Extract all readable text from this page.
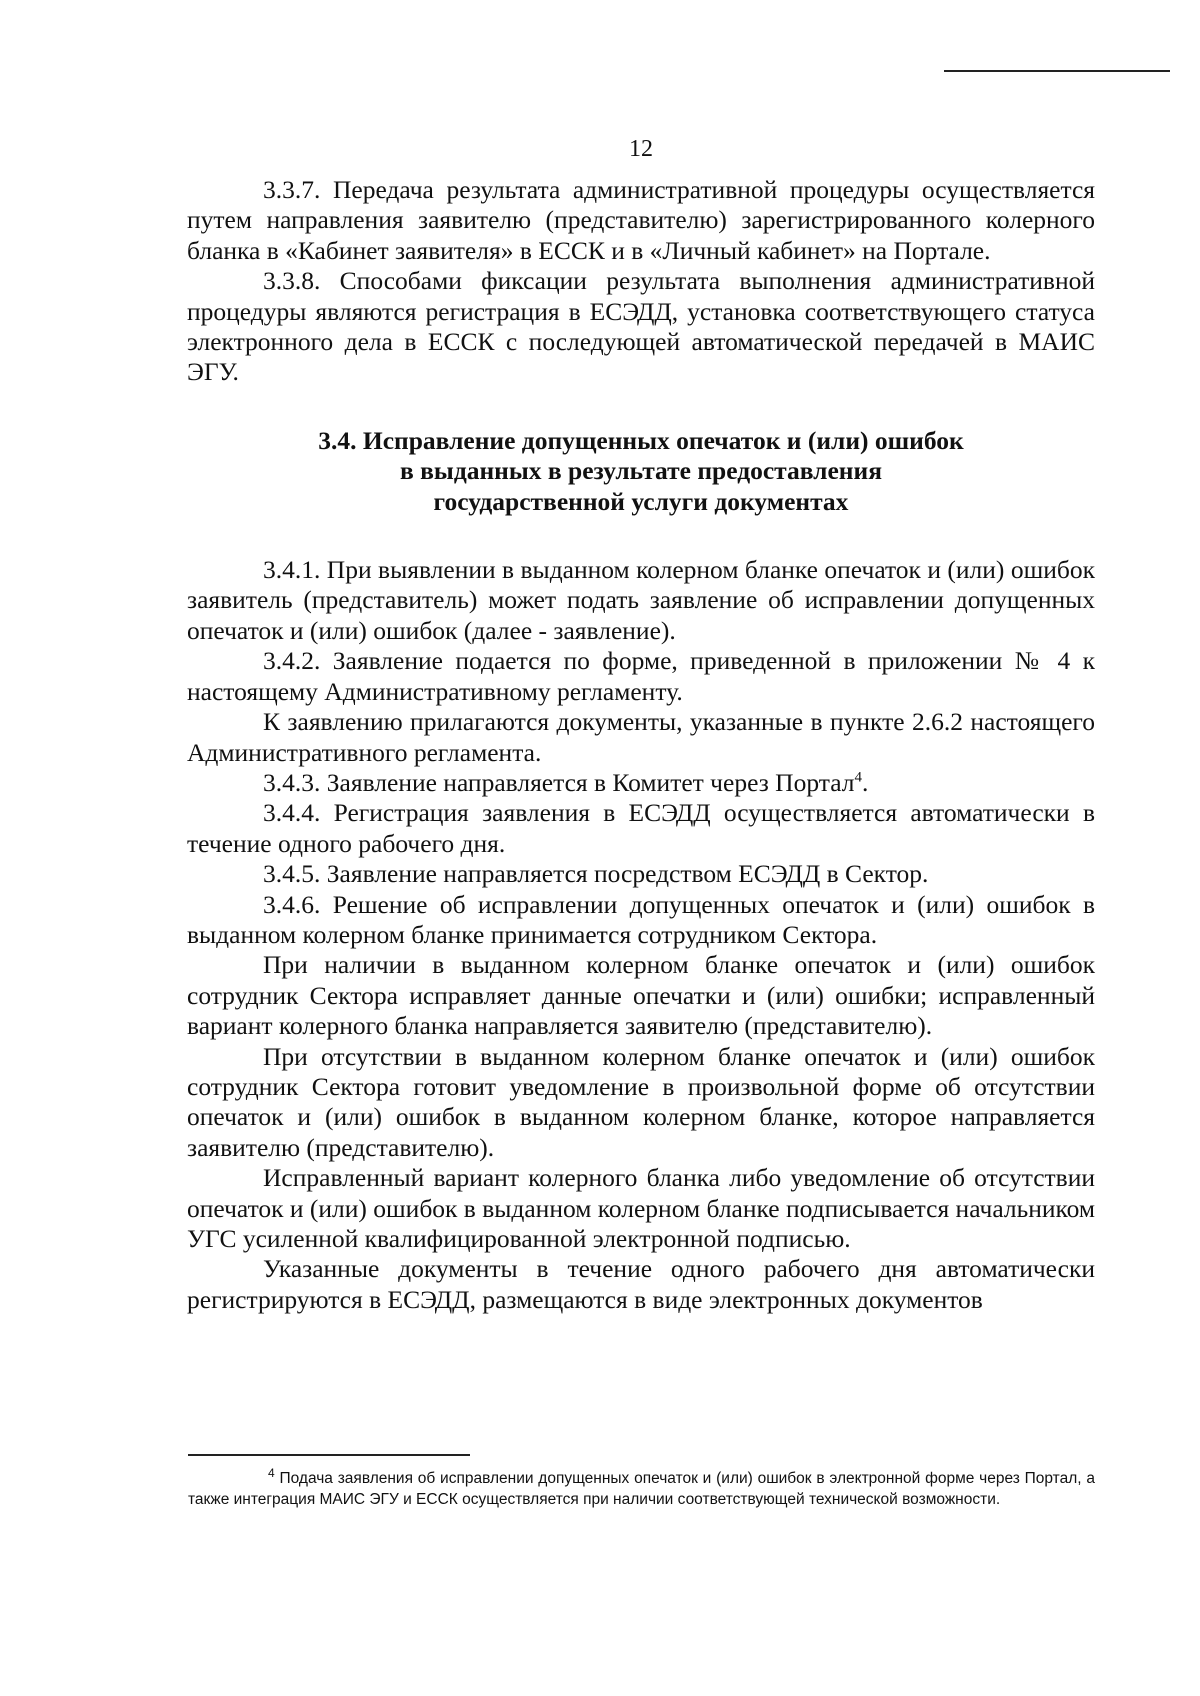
12

3.3.7. Передача результата административной процедуры осуществляется путем направления заявителю (представителю) зарегистрированного колерного бланка в «Кабинет заявителя» в ЕССК и в «Личный кабинет» на Портале.

3.3.8. Способами фиксации результата выполнения административной процедуры являются регистрация в ЕСЭДД, установка соответствующего статуса электронного дела в ЕССК с последующей автоматической передачей в МАИС ЭГУ.

3.4. Исправление допущенных опечаток и (или) ошибок
в выданных в результате предоставления
государственной услуги документах

3.4.1. При выявлении в выданном колерном бланке опечаток и (или) ошибок заявитель (представитель) может подать заявление об исправлении допущенных опечаток и (или) ошибок (далее - заявление).

3.4.2. Заявление подается по форме, приведенной в приложении № 4 к настоящему Административному регламенту.

К заявлению прилагаются документы, указанные в пункте 2.6.2 настоящего Административного регламента.

3.4.3. Заявление направляется в Комитет через Портал$^4$.

3.4.4. Регистрация заявления в ЕСЭДД осуществляется автоматически в течение одного рабочего дня.

3.4.5. Заявление направляется посредством ЕСЭДД в Сектор.

3.4.6. Решение об исправлении допущенных опечаток и (или) ошибок в выданном колерном бланке принимается сотрудником Сектора.

При наличии в выданном колерном бланке опечаток и (или) ошибок сотрудник Сектора исправляет данные опечатки и (или) ошибки; исправленный вариант колерного бланка направляется заявителю (представителю).

При отсутствии в выданном колерном бланке опечаток и (или) ошибок сотрудник Сектора готовит уведомление в произвольной форме об отсутствии опечаток и (или) ошибок в выданном колерном бланке, которое направляется заявителю (представителю).

Исправленный вариант колерного бланка либо уведомление об отсутствии опечаток и (или) ошибок в выданном колерном бланке подписывается начальником УГС усиленной квалифицированной электронной подписью.

Указанные документы в течение одного рабочего дня автоматически регистрируются в ЕСЭДД, размещаются в виде электронных документов

$^4$ Подача заявления об исправлении допущенных опечаток и (или) ошибок в электронной форме через Портал, а также интеграция МАИС ЭГУ и ЕССК осуществляется при наличии соответствующей технической возможности.
